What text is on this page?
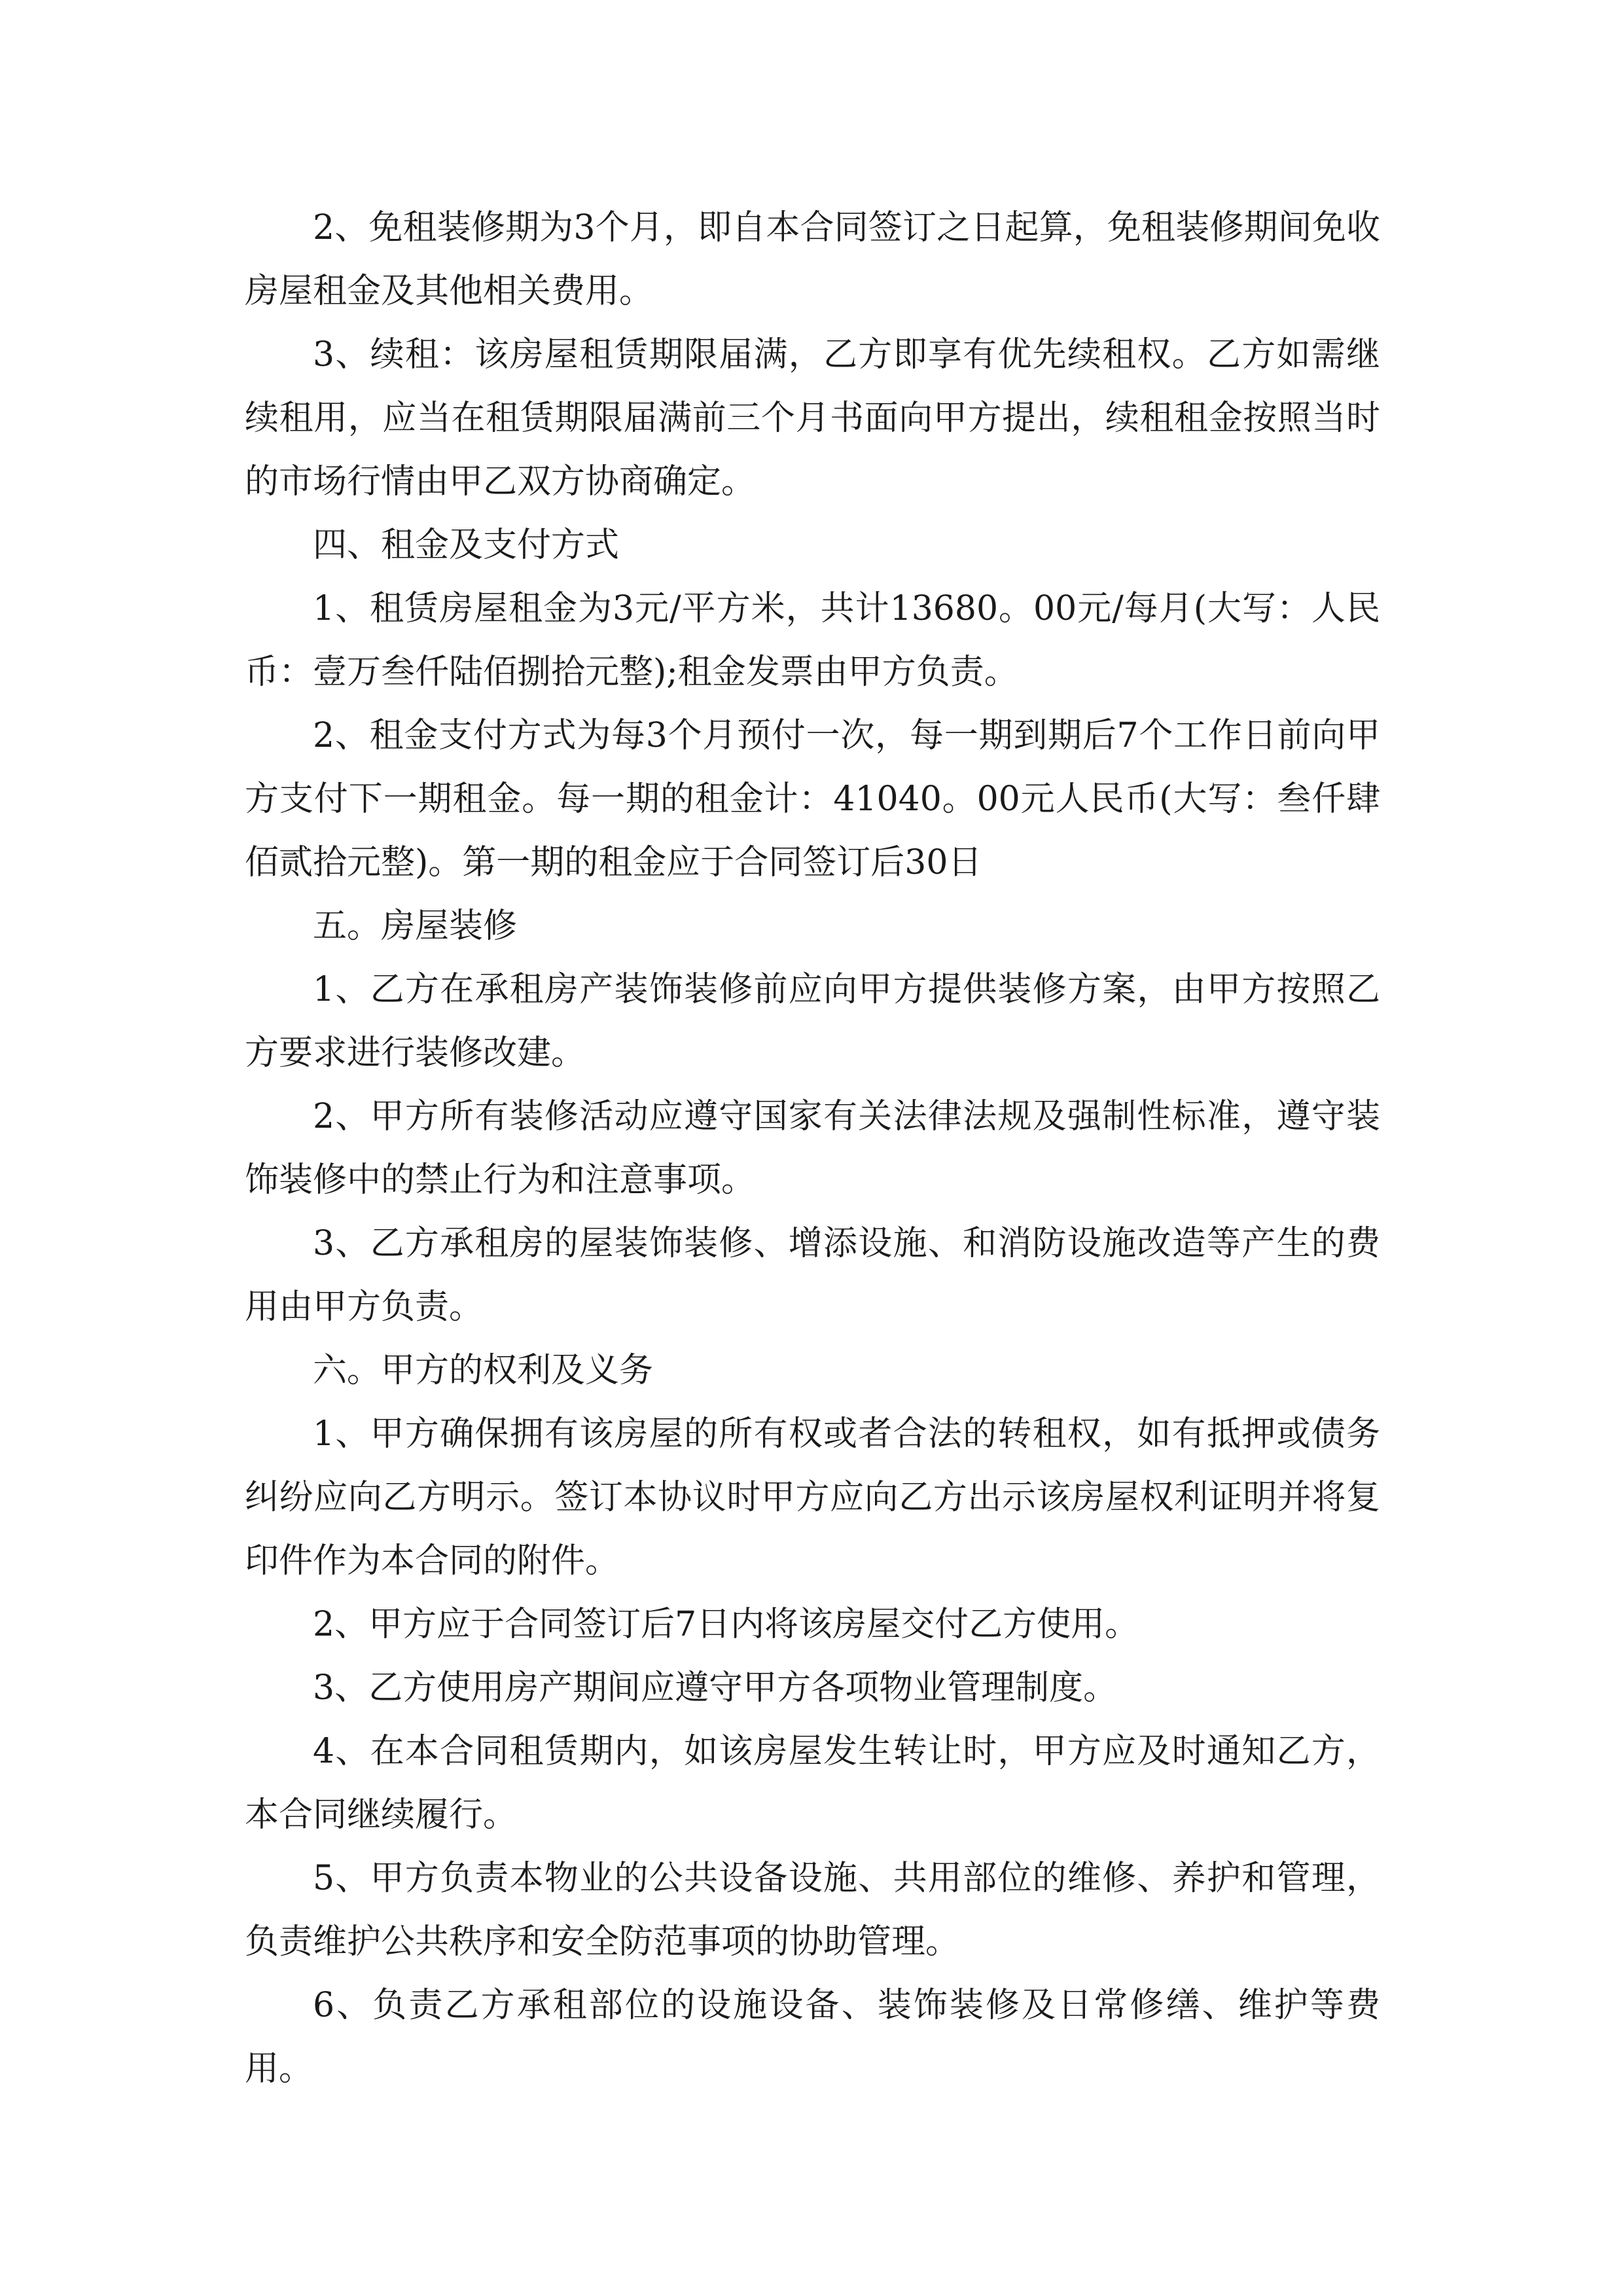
2、免租装修期为3个月，即自本合同签订之日起算，免租装修期间免收房屋租金及其他相关费用。

3、续租：该房屋租赁期限届满，乙方即享有优先续租权。乙方如需继续租用，应当在租赁期限届满前三个月书面向甲方提出，续租租金按照当时的市场行情由甲乙双方协商确定。

四、租金及支付方式

1、租赁房屋租金为3元/平方米，共计13680。00元/每月(大写：人民币：壹万叁仟陆佰捌拾元整);租金发票由甲方负责。

2、租金支付方式为每3个月预付一次，每一期到期后7个工作日前向甲方支付下一期租金。每一期的租金计：41040。00元人民币(大写：叁仟肆佰贰拾元整)。第一期的租金应于合同签订后30日

五。房屋装修

1、乙方在承租房产装饰装修前应向甲方提供装修方案，由甲方按照乙方要求进行装修改建。

2、甲方所有装修活动应遵守国家有关法律法规及强制性标准，遵守装饰装修中的禁止行为和注意事项。

3、乙方承租房的屋装饰装修、增添设施、和消防设施改造等产生的费用由甲方负责。

六。甲方的权利及义务

1、甲方确保拥有该房屋的所有权或者合法的转租权，如有抵押或债务纠纷应向乙方明示。签订本协议时甲方应向乙方出示该房屋权利证明并将复印件作为本合同的附件。

2、甲方应于合同签订后7日内将该房屋交付乙方使用。

3、乙方使用房产期间应遵守甲方各项物业管理制度。

4、在本合同租赁期内，如该房屋发生转让时，甲方应及时通知乙方，本合同继续履行。

5、甲方负责本物业的公共设备设施、共用部位的维修、养护和管理，负责维护公共秩序和安全防范事项的协助管理。

6、负责乙方承租部位的设施设备、装饰装修及日常修缮、维护等费用。
